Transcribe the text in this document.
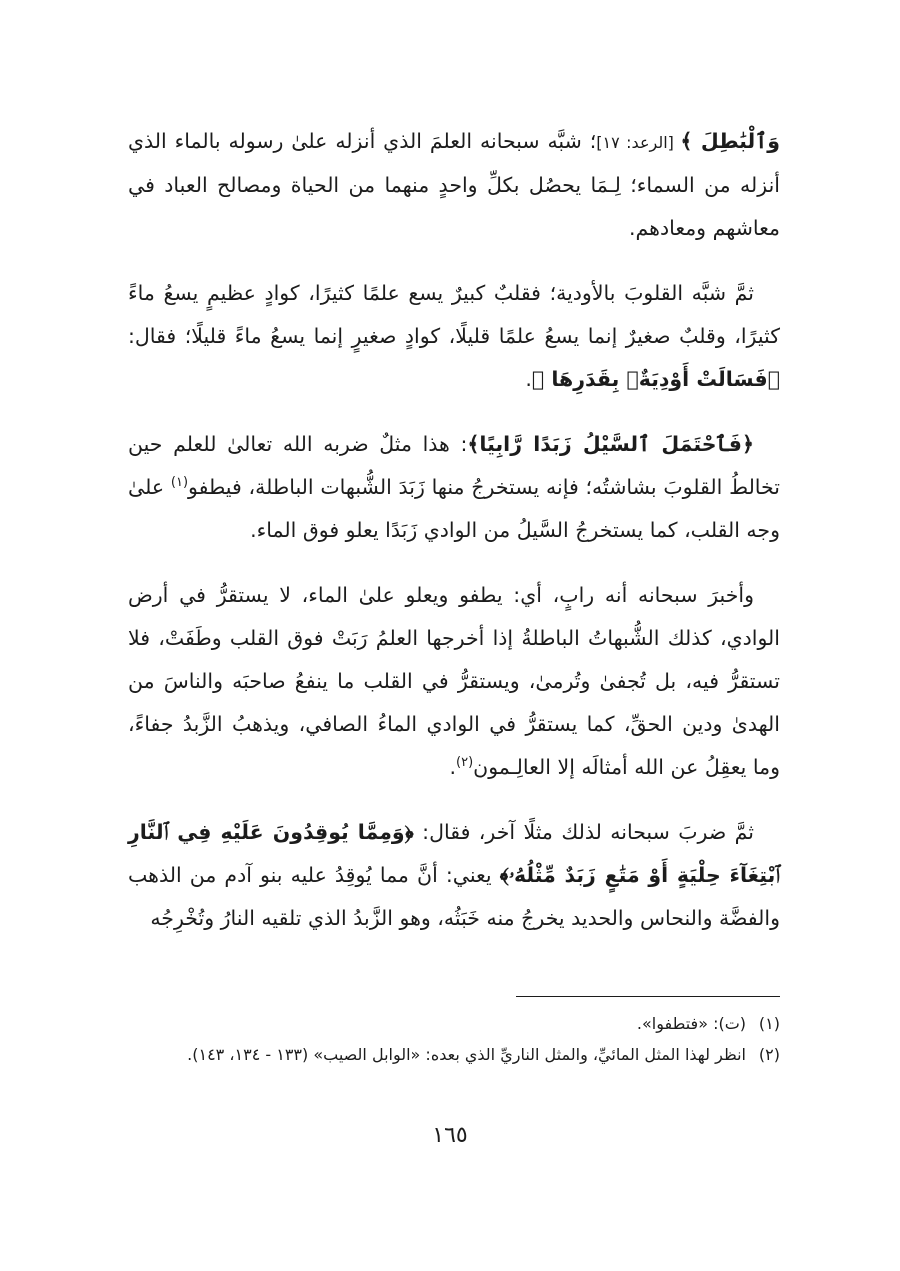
وَٱلْبَٰطِلَ ﴾ [الرعد: ١٧]؛ شبَّه سبحانه العلمَ الذي أنزله علىٰ رسوله بالماء الذي أنزله من السماء؛ لِـمَا يحصُل بكلِّ واحدٍ منهما من الحياة ومصالح العباد في معاشهم ومعادهم.

ثمَّ شبَّه القلوبَ بالأودية؛ فقلبٌ كبيرٌ يسع علمًا كثيرًا، كوادٍ عظيمٍ يسعُ ماءً كثيرًا، وقلبٌ صغيرٌ إنما يسعُ علمًا قليلًا، كوادٍ صغيرٍ إنما يسعُ ماءً قليلًا؛ فقال: ﴿فَسَالَتْ أَوْدِيَةٌۢ بِقَدَرِهَا ﴾.

﴿فَٱحْتَمَلَ ٱلسَّيْلُ زَبَدًا رَّابِيًا﴾: هذا مثلٌ ضربه الله تعالىٰ للعلم حين تخالطُ القلوبَ بشاشتُه؛ فإنه يستخرجُ منها زَبَدَ الشُّبهات الباطلة، فيطفو$^{(١)}$ علىٰ وجه القلب، كما يستخرجُ السَّيلُ من الوادي زَبَدًا يعلو فوق الماء.

وأخبرَ سبحانه أنه رابٍ، أي: يطفو ويعلو علىٰ الماء، لا يستقرُّ في أرض الوادي، كذلك الشُّبهاتُ الباطلةُ إذا أخرجها العلمُ رَبَتْ فوق القلب وطَفَتْ، فلا تستقرُّ فيه، بل تُجفىٰ وتُرمىٰ، ويستقرُّ في القلب ما ينفعُ صاحبَه والناسَ من الهدىٰ ودين الحقِّ، كما يستقرُّ في الوادي الماءُ الصافي، ويذهبُ الزَّبدُ جفاءً، وما يعقِلُ عن الله أمثالَه إلا العالِـمون$^{(٢)}$.

ثمَّ ضربَ سبحانه لذلك مثلًا آخر، فقال: ﴿وَمِمَّا يُوقِدُونَ عَلَيْهِ فِي ٱلنَّارِ ٱبْتِغَآءَ حِلْيَةٍ أَوْ مَتَٰعٍ زَبَدٌ مِّثْلُهُۥ﴾ يعني: أنَّ مما يُوقِدُ عليه بنو آدم من الذهب والفضَّة والنحاس والحديد يخرجُ منه خَبَثُه، وهو الزَّبدُ الذي تلقيه النارُ وتُخْرِجُه

(١)
(ت): «فتطفوا».
(٢)
انظر لهذا المثل المائيِّ، والمثل الناريِّ الذي بعده: «الوابل الصيب» (١٣٣ - ١٣٤، ١٤٣).
١٦٥
